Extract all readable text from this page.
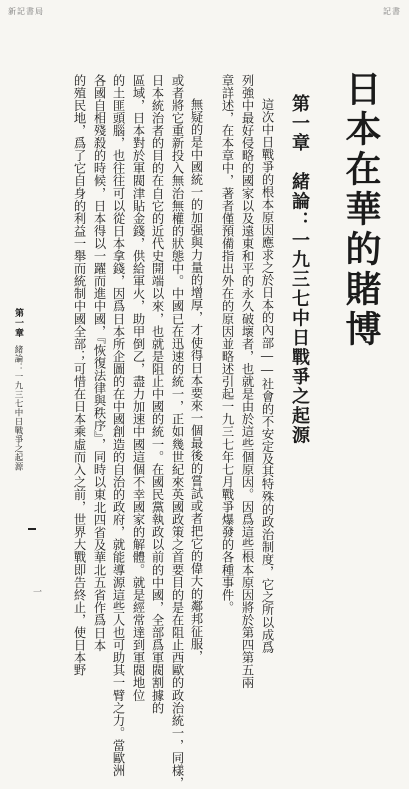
新記書局	記書
日本在華的賭博
第一章　緒論：一九三七中日戰爭之起源
這次中日戰爭的根本原因應求之於日本的內部――社會的不安定及其特殊的政治制度，它之所以成爲
列強中最好侵略的國家以及遠東和平的永久破壞者，也就是由於這些個原因。因爲這些根本原因將於第四第五兩
章詳述，在本章中，著者僅預備指出外在的原因並略述引起一九三七年七月戰爭爆發的各種事件。
無疑的是中國統一的加强與力量的增厚，才使得日本要來一個最後的嘗試或者把它的偉大的鄰邦征服，
或者將它重新投入無治無權的狀態中。中國已在迅速的統一，正如幾世紀來英國政策之首要目的是在阻止西歐的政治統一，同樣，
日本統治者的目的在自它的近代史開端以來，也就是阻止中國的統一。在國民黨執政以前的中國，全部爲軍閥割據的
區域，日本對於軍閥津貼金錢，供給軍火，助甲倒乙，盡力加速中國這個不幸國家的解體。就是經常達到軍閥地位
的土匪頭腦，也往往可以從日本拿錢，因爲日本所企圖的在中國創造的自治的政府，就能導源這些人也可助其一臂之力。當歐洲
各國自相殘殺的時候，日本得以一躍而進中國，『恢復法律與秩序』，同時以東北四省及華北五省作爲日本
的殖民地，爲了它自身的利益一舉而統制中國全部；可惜在日本乘虛而入之前，世界大戰即告終止，使日本野
第一章
緒論：一九三七中日戰爭之起源
一
